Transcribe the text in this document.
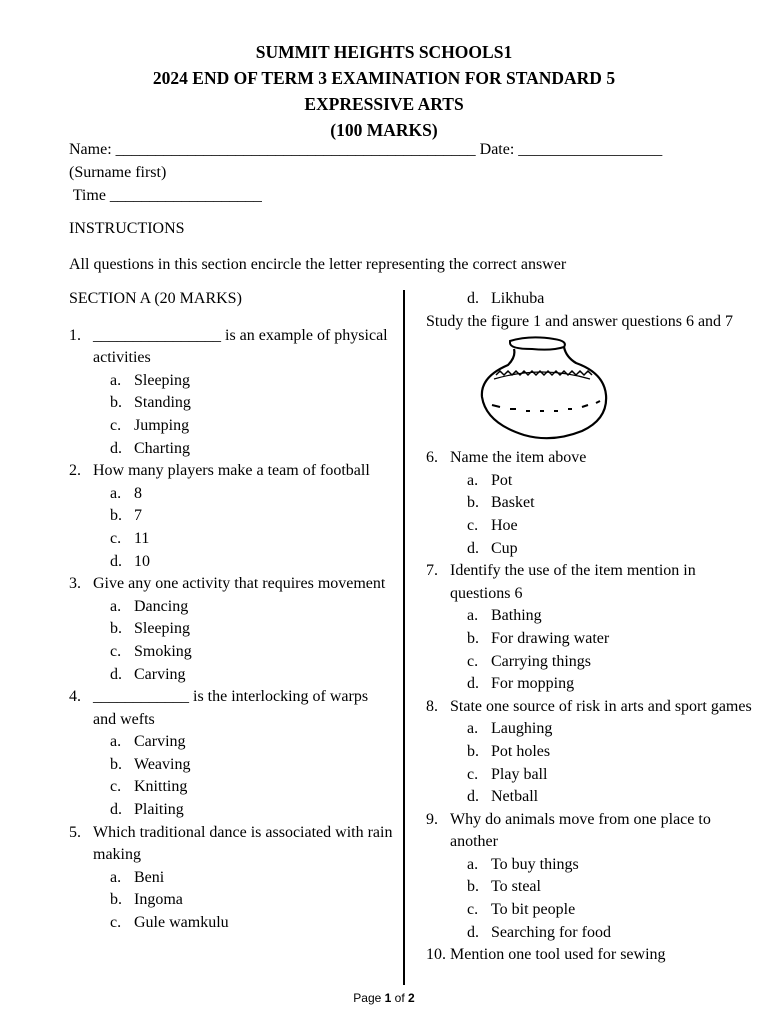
SUMMIT HEIGHTS SCHOOLS1
2024 END OF TERM 3 EXAMINATION FOR STANDARD 5
EXPRESSIVE ARTS
(100 MARKS)
Name: _____________________________________________ Date: __________________
(Surname first)
Time ___________________
INSTRUCTIONS
All questions in this section encircle the letter representing the correct answer
SECTION A (20 MARKS)
1. ________________ is an example of physical activities
a. Sleeping
b. Standing
c. Jumping
d. Charting
2. How many players make a team of football
a. 8
b. 7
c. 11
d. 10
3. Give any one activity that requires movement
a. Dancing
b. Sleeping
c. Smoking
d. Carving
4. ____________ is the interlocking of warps and wefts
a. Carving
b. Weaving
c. Knitting
d. Plaiting
5. Which traditional dance is associated with rain making
a. Beni
b. Ingoma
c. Gule wamkulu
d. Likhuba
Study the figure 1 and answer questions 6 and 7
6. Name the item above
a. Pot
b. Basket
c. Hoe
d. Cup
7. Identify the use of the item mention in questions 6
a. Bathing
b. For drawing water
c. Carrying things
d. For mopping
8. State one source of risk in arts and sport games
a. Laughing
b. Pot holes
c. Play ball
d. Netball
9. Why do animals move from one place to another
a. To buy things
b. To steal
c. To bit people
d. Searching for food
10. Mention one tool used for sewing
Page 1 of 2
